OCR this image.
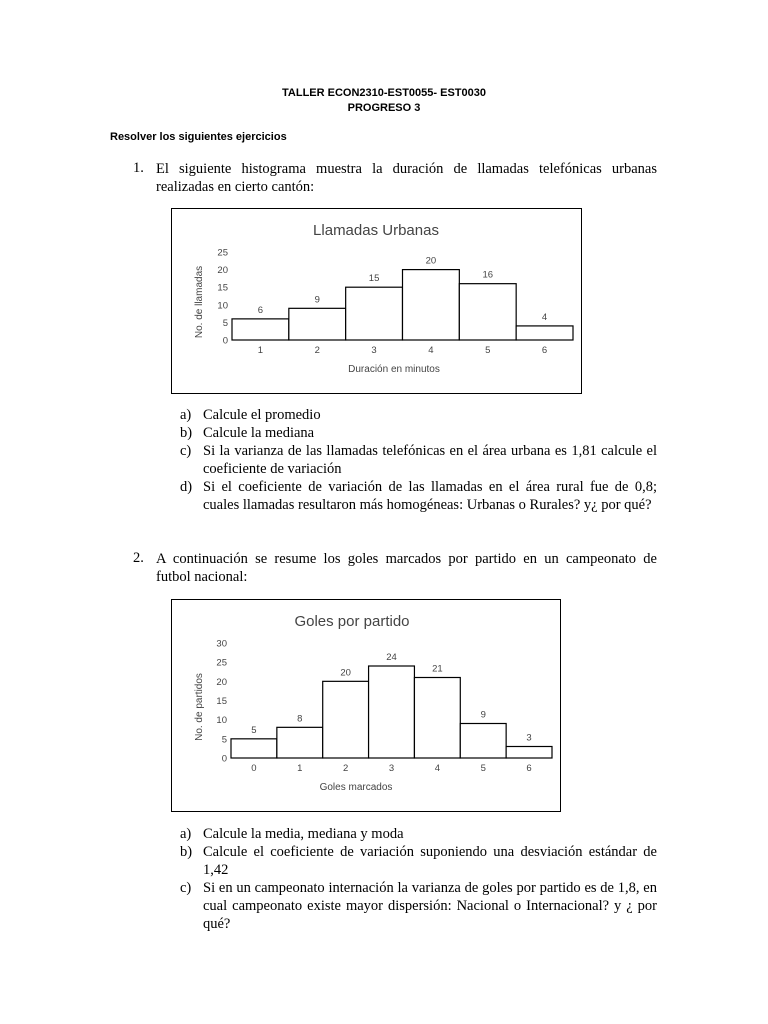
TALLER ECON2310-EST0055- EST0030
PROGRESO 3
Resolver los siguientes ejercicios
1. El siguiente histograma muestra la duración de llamadas telefónicas urbanas
realizadas en cierto cantón:
Llamadas Urbanas
No. de llamadas
Duración en minutos
0
5
10
15
20
25
6
9
15
20
16
4
1	2	3	4	5	6
a) Calcule el promedio
b) Calcule la mediana
c) Si la varianza de las llamadas telefónicas en el área urbana es 1,81 calcule el coeficiente de variación
d) Si el coeficiente de variación de las llamadas en el área rural fue de 0,8; cuales llamadas resultaron más homogéneas: Urbanas o Rurales? y¿ por qué?
2. A continuación se resume los goles marcados por partido en un campeonato de
futbol nacional:
Goles por partido
No. de partidos
Goles marcados
0
5
10
15
20
25
30
5
8
20
24
21
9
3
0	1	2	3	4	5	6
a) Calcule la media, mediana y moda
b) Calcule el coeficiente de variación suponiendo una desviación estándar de 1,42
c) Si en un campeonato internación la varianza de goles por partido es de 1,8, en cual campeonato existe mayor dispersión: Nacional o Internacional? y ¿ por qué?
